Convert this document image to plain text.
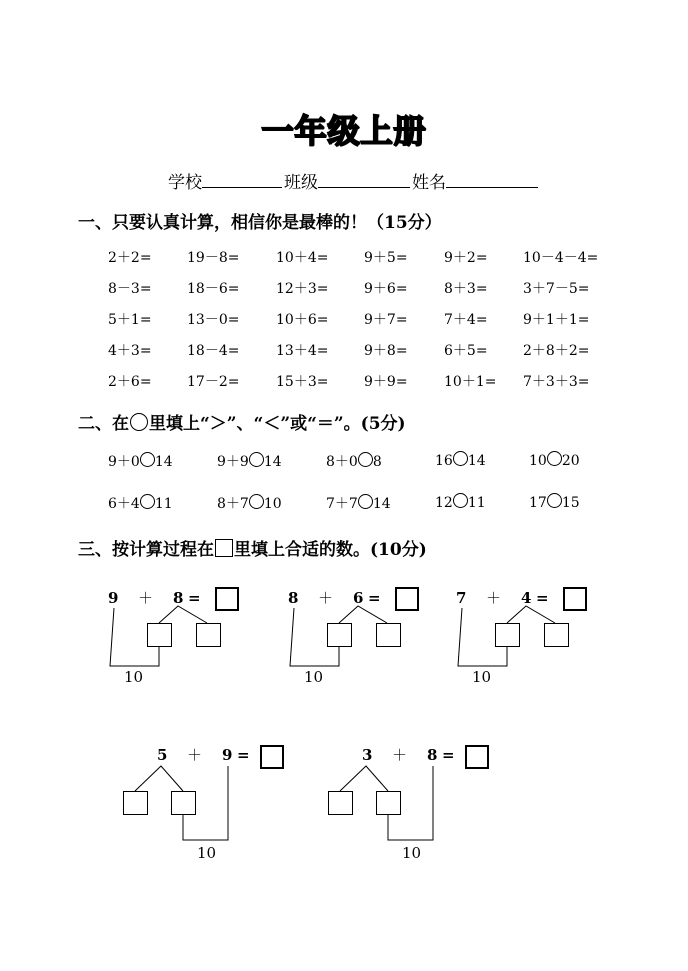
一年级上册
学校	班级	姓名
一、只要认真计算，相信你是最棒的！（15分）
2＋2=	19－8=	10＋4=	9＋5=	9＋2=	10－4－4=
8－3=	18－6=	12＋3=	9＋6=	8＋3=	3＋7－5=
5＋1=	13－0=	10＋6=	9＋7=	7＋4=	9＋1＋1=
4＋3=	18－4=	13＋4=	9＋8=	6＋5=	2＋8＋2=
2＋6=	17－2=	15＋3=	9＋9=	10＋1= 7＋3＋3=
二、在 里填上“＞”、“＜”或“＝”。(5分)
9＋0 14	9＋9 14	8＋0 8	16 14	10 20
6＋4 11	8＋7 10	7＋7 14	12 11	17 15
三、按计算过程在 里填上合适的数。(10分)
9 ＋ 8 =
10
8 ＋ 6 =
10
7 ＋ 4 =
10
5 ＋ 9 =
10
3 ＋ 8 =
10
